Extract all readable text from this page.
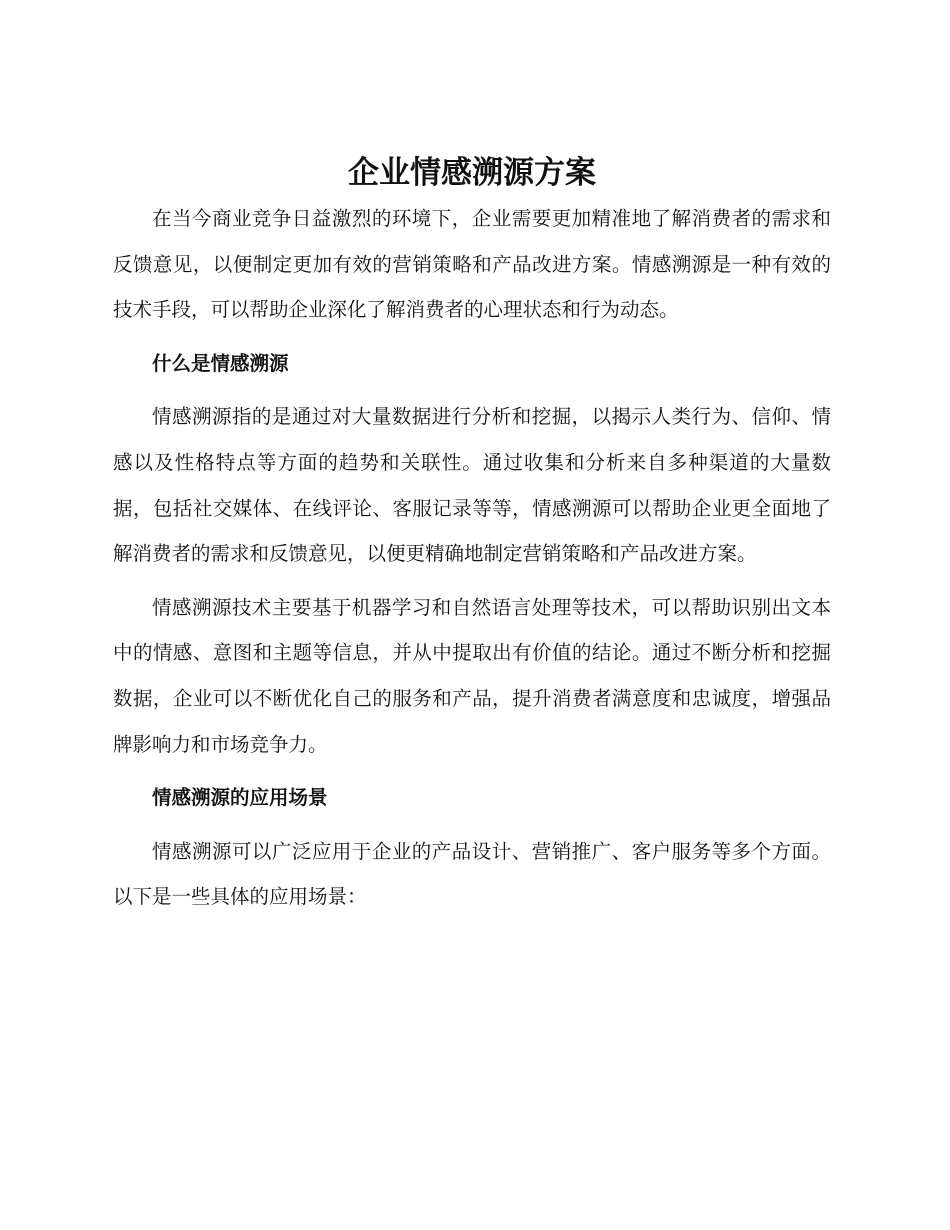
企业情感溯源方案

在当今商业竞争日益激烈的环境下，企业需要更加精准地了解消费者的需求和反馈意见，以便制定更加有效的营销策略和产品改进方案。情感溯源是一种有效的技术手段，可以帮助企业深化了解消费者的心理状态和行为动态。

什么是情感溯源

情感溯源指的是通过对大量数据进行分析和挖掘，以揭示人类行为、信仰、情感以及性格特点等方面的趋势和关联性。通过收集和分析来自多种渠道的大量数据，包括社交媒体、在线评论、客服记录等等，情感溯源可以帮助企业更全面地了解消费者的需求和反馈意见，以便更精确地制定营销策略和产品改进方案。

情感溯源技术主要基于机器学习和自然语言处理等技术，可以帮助识别出文本中的情感、意图和主题等信息，并从中提取出有价值的结论。通过不断分析和挖掘数据，企业可以不断优化自己的服务和产品，提升消费者满意度和忠诚度，增强品牌影响力和市场竞争力。

情感溯源的应用场景

情感溯源可以广泛应用于企业的产品设计、营销推广、客户服务等多个方面。以下是一些具体的应用场景：
